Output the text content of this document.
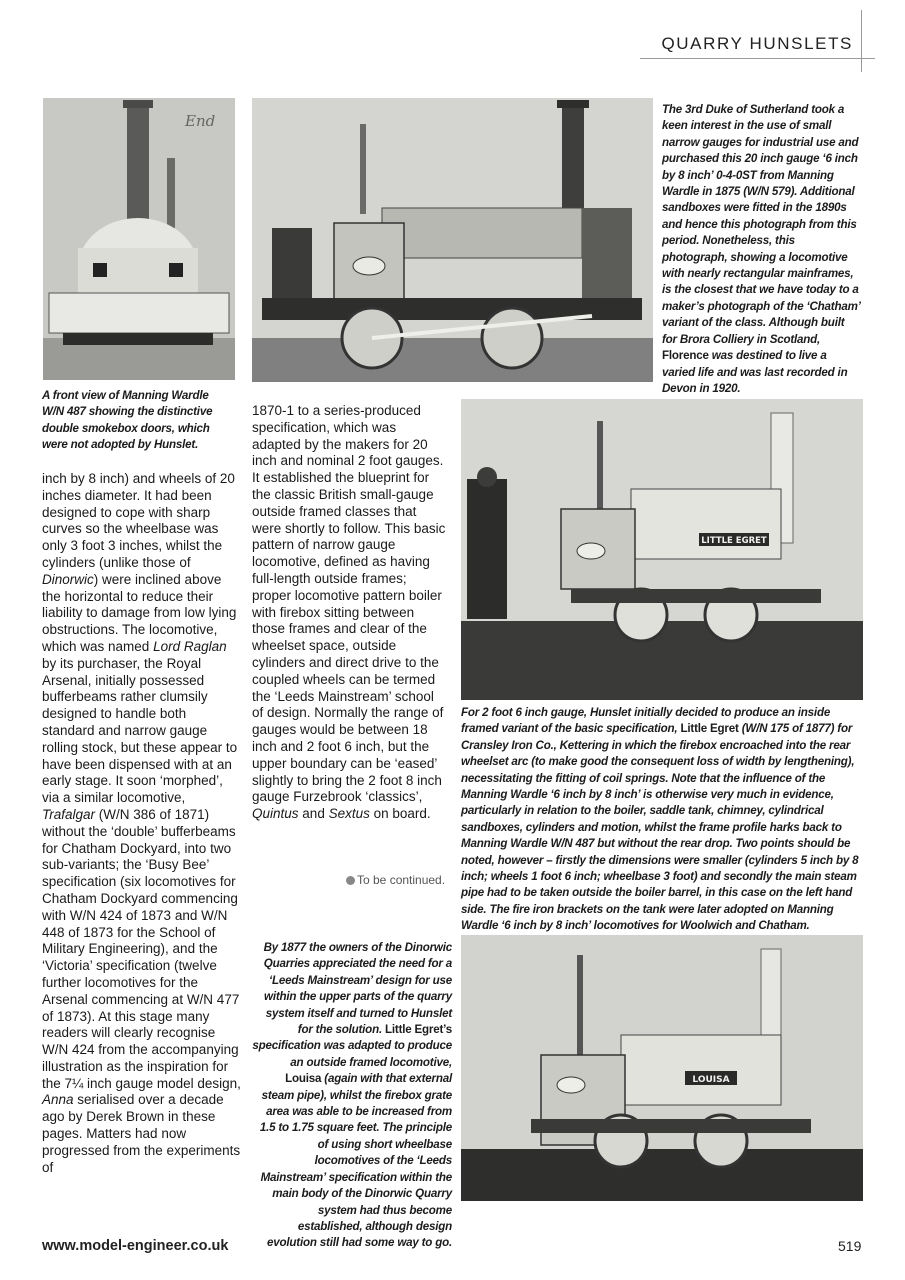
QUARRY HUNSLETS
End
The 3rd Duke of Sutherland took a keen interest in the use of small narrow gauges for industrial use and purchased this 20 inch gauge ‘6 inch by 8 inch’ 0-4-0ST from Manning Wardle in 1875 (W/N 579). Additional sandboxes were fitted in the 1890s and hence this photograph from this period. Nonetheless, this photograph, showing a locomotive with nearly rectangular mainframes, is the closest that we have today to a maker’s photograph of the ‘Chatham’ variant of the class. Although built for Brora Colliery in Scotland, Florence was destined to live a varied life and was last recorded in Devon in 1920.
A front view of Manning Wardle W/N 487 showing the distinctive double smokebox doors, which were not adopted by Hunslet.

inch by 8 inch) and wheels of 20 inches diameter. It had been designed to cope with sharp curves so the wheelbase was only 3 foot 3 inches, whilst the cylinders (unlike those of Dinorwic) were inclined above the horizontal to reduce their liability to damage from low lying obstructions. The locomotive, which was named Lord Raglan by its purchaser, the Royal Arsenal, initially possessed bufferbeams rather clumsily designed to handle both standard and narrow gauge rolling stock, but these appear to have been dispensed with at an early stage. It soon ‘morphed’, via a similar locomotive, Trafalgar (W/N 386 of 1871) without the ‘double’ bufferbeams for Chatham Dockyard, into two sub-variants; the ‘Busy Bee’ specification (six locomotives for Chatham Dockyard commencing with W/N 424 of 1873 and W/N 448 of 1873 for the School of Military Engineering), and the ‘Victoria’ specification (twelve further locomotives for the Arsenal commencing at W/N 477 of 1873). At this stage many readers will clearly recognise W/N 424 from the accompanying illustration as the inspiration for the 7¼ inch gauge model design, Anna serialised over a decade ago by Derek Brown in these pages. Matters had now progressed from the experiments of

1870-1 to a series-produced specification, which was adapted by the makers for 20 inch and nominal 2 foot gauges. It established the blueprint for the classic British small-gauge outside framed classes that were shortly to follow. This basic pattern of narrow gauge locomotive, defined as having full-length outside frames; proper locomotive pattern boiler with firebox sitting between those frames and clear of the wheelset space, outside cylinders and direct drive to the coupled wheels can be termed the ‘Leeds Mainstream’ school of design. Normally the range of gauges would be between 18 inch and 2 foot 6 inch, but the upper boundary can be ‘eased’ slightly to bring the 2 foot 8 inch gauge Furzebrook ‘classics’, Quintus and Sextus on board.

To be continued.
LITTLE EGRET
For 2 foot 6 inch gauge, Hunslet initially decided to produce an inside framed variant of the basic specification, Little Egret (W/N 175 of 1877) for Cransley Iron Co., Kettering in which the firebox encroached into the rear wheelset arc (to make good the consequent loss of width by lengthening), necessitating the fitting of coil springs. Note that the influence of the Manning Wardle ‘6 inch by 8 inch’ is otherwise very much in evidence, particularly in relation to the boiler, saddle tank, chimney, cylindrical sandboxes, cylinders and motion, whilst the frame profile harks back to Manning Wardle W/N 487 but without the rear drop. Two points should be noted, however – firstly the dimensions were smaller (cylinders 5 inch by 8 inch; wheels 1 foot 6 inch; wheelbase 3 foot) and secondly the main steam pipe had to be taken outside the boiler barrel, in this case on the left hand side. The fire iron brackets on the tank were later adopted on Manning Wardle ‘6 inch by 8 inch’ locomotives for Woolwich and Chatham.
By 1877 the owners of the Dinorwic Quarries appreciated the need for a ‘Leeds Mainstream’ design for use within the upper parts of the quarry system itself and turned to Hunslet for the solution. Little Egret’s specification was adapted to produce an outside framed locomotive, Louisa (again with that external steam pipe), whilst the firebox grate area was able to be increased from 1.5 to 1.75 square feet. The principle of using short wheelbase locomotives of the ‘Leeds Mainstream’ specification within the main body of the Dinorwic Quarry system had thus become established, although design evolution still had some way to go.
LOUISA
www.model-engineer.co.uk	519
